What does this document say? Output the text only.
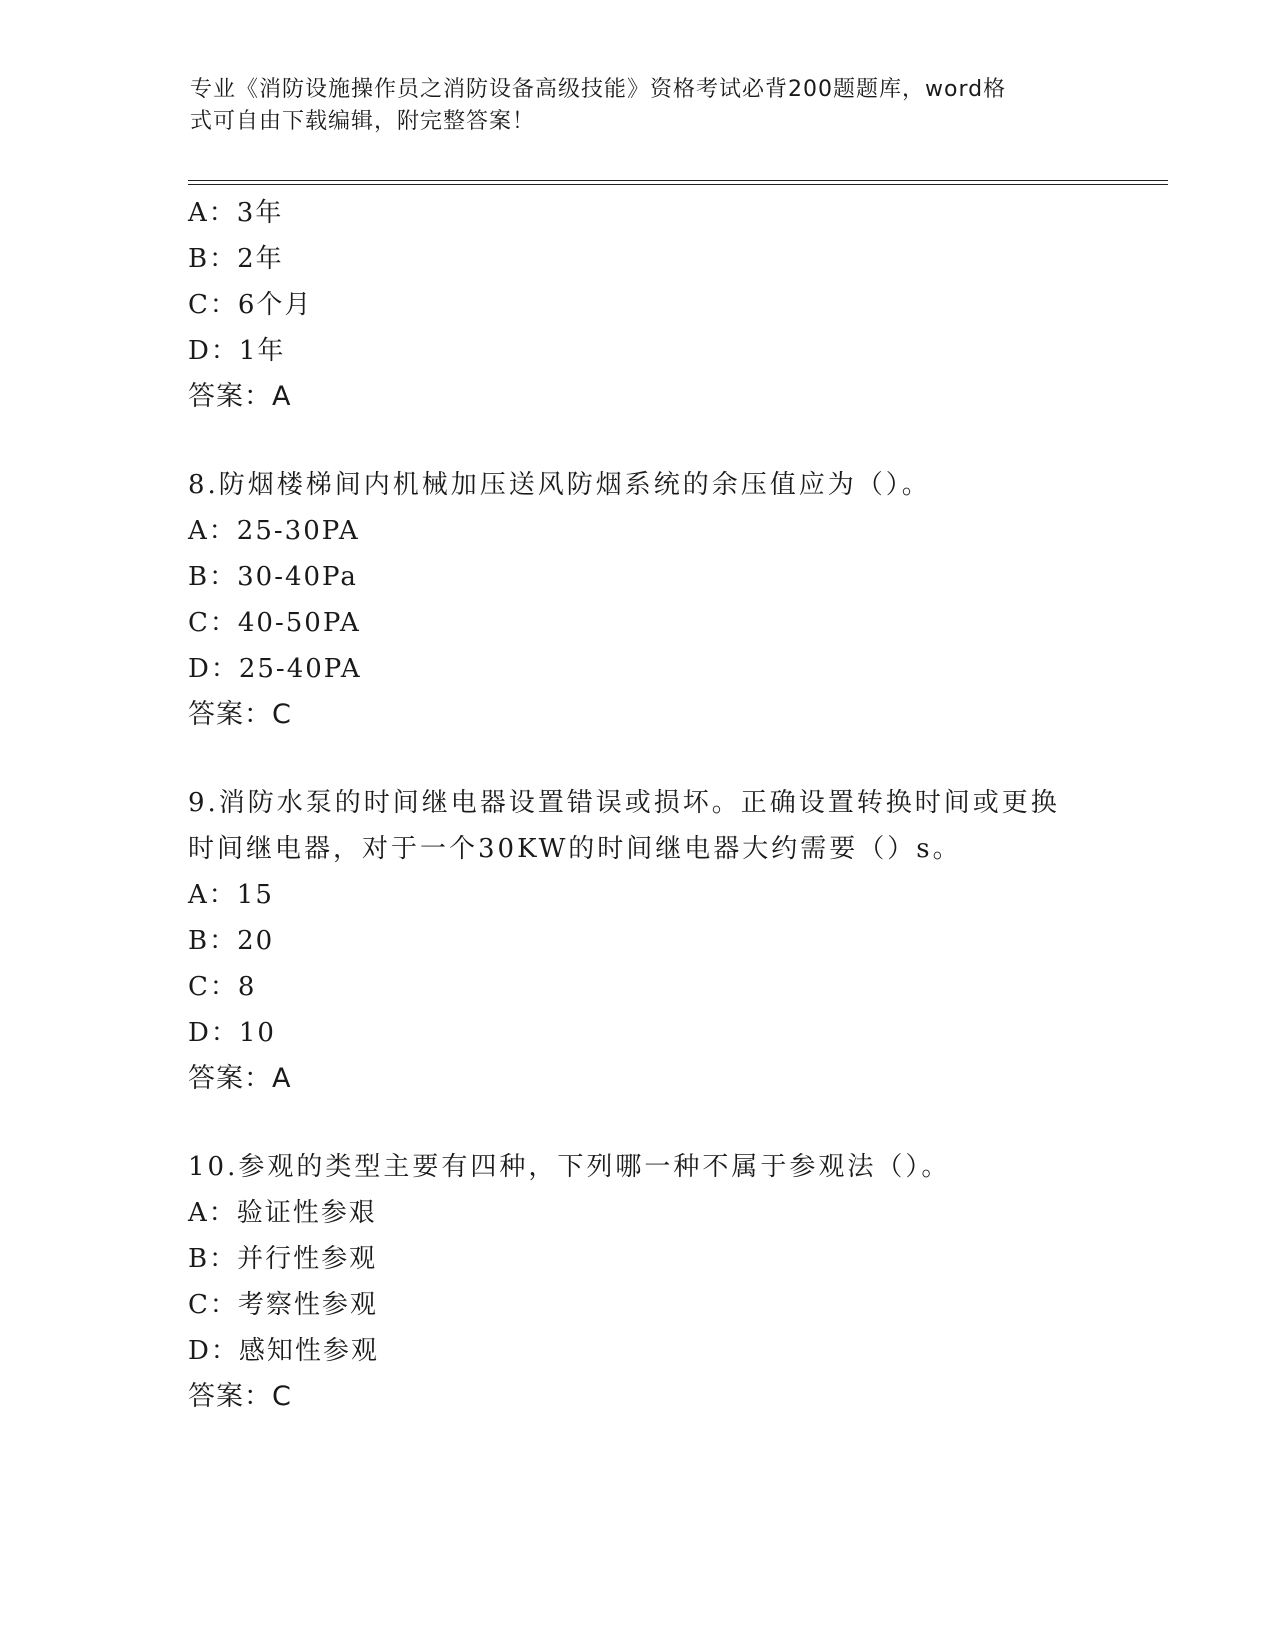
专业《消防设施操作员之消防设备高级技能》资格考试必背200题题库，word格
式可自由下载编辑，附完整答案！
A：3年
B：2年
C：6个月
D：1年
答案：A
8.防烟楼梯间内机械加压送风防烟系统的余压值应为（）。
A：25-30PA
B：30-40Pa
C：40-50PA
D：25-40PA
答案：C
9.消防水泵的时间继电器设置错误或损坏。正确设置转换时间或更换
时间继电器，对于一个30KW的时间继电器大约需要（）s。
A：15
B：20
C：8
D：10
答案：A
10.参观的类型主要有四种，下列哪一种不属于参观法（）。
A：验证性参艰
B：并行性参观
C：考察性参观
D：感知性参观
答案：C
